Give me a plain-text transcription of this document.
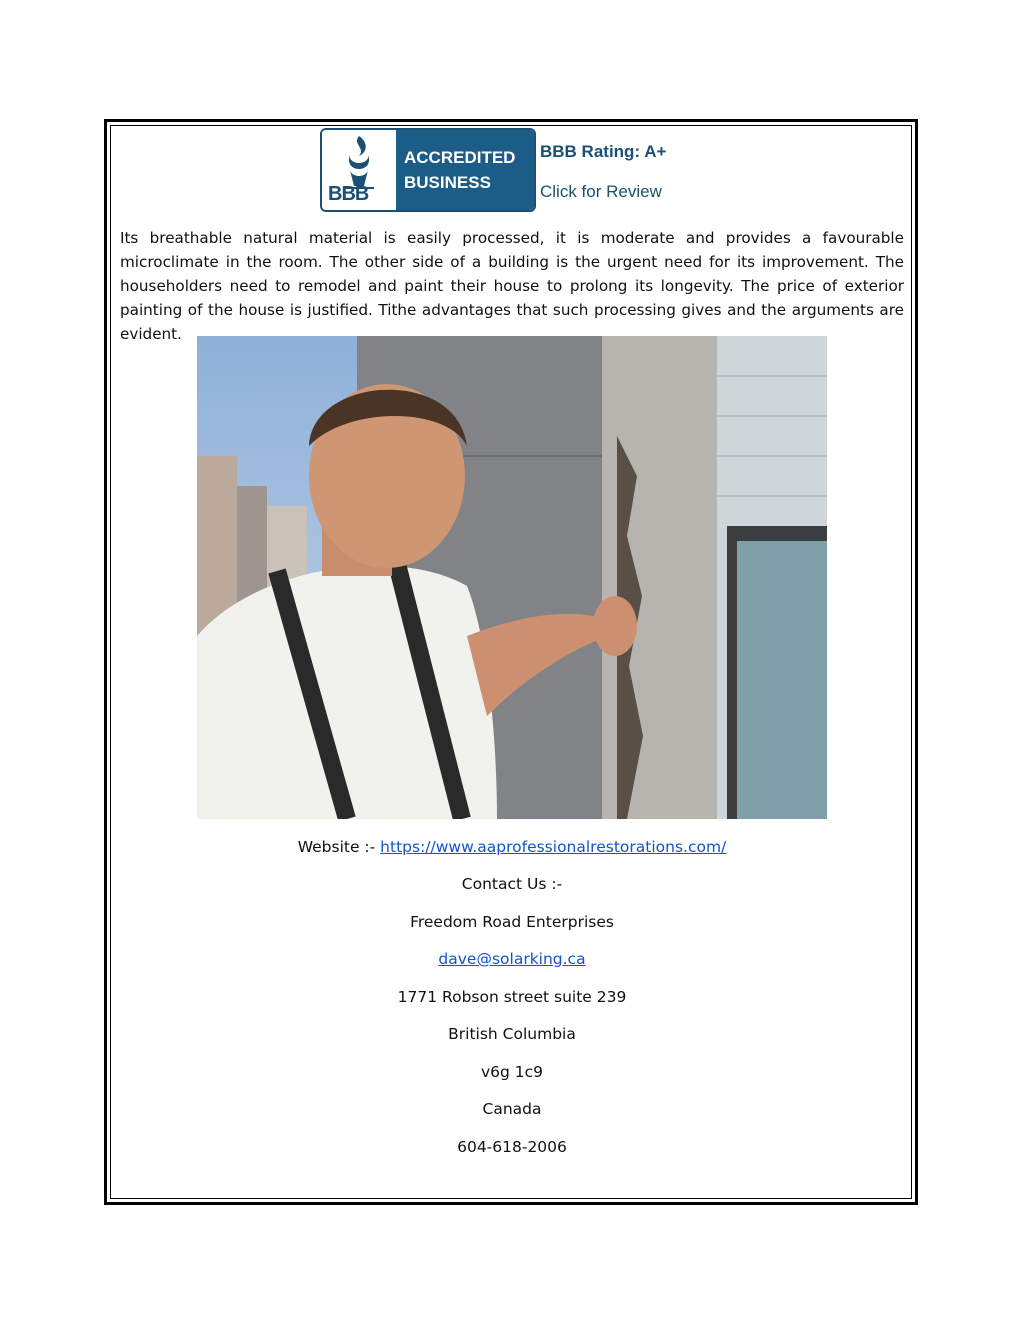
BBB
ACCREDITED
BUSINESS
BBB Rating: A+
Click for Review

Its breathable natural material is easily processed, it is moderate and provides a favourable microclimate in the room. The other side of a building is the urgent need for its improvement. The householders need to remodel and paint their house to prolong its longevity. The price of exterior painting of the house is justified. Tithe advantages that such processing gives and the arguments are evident.

Website :- https://www.aaprofessionalrestorations.com/
Contact Us :-
Freedom Road Enterprises
dave@solarking.ca
1771 Robson street suite 239
British Columbia
v6g 1c9
Canada
604-618-2006
